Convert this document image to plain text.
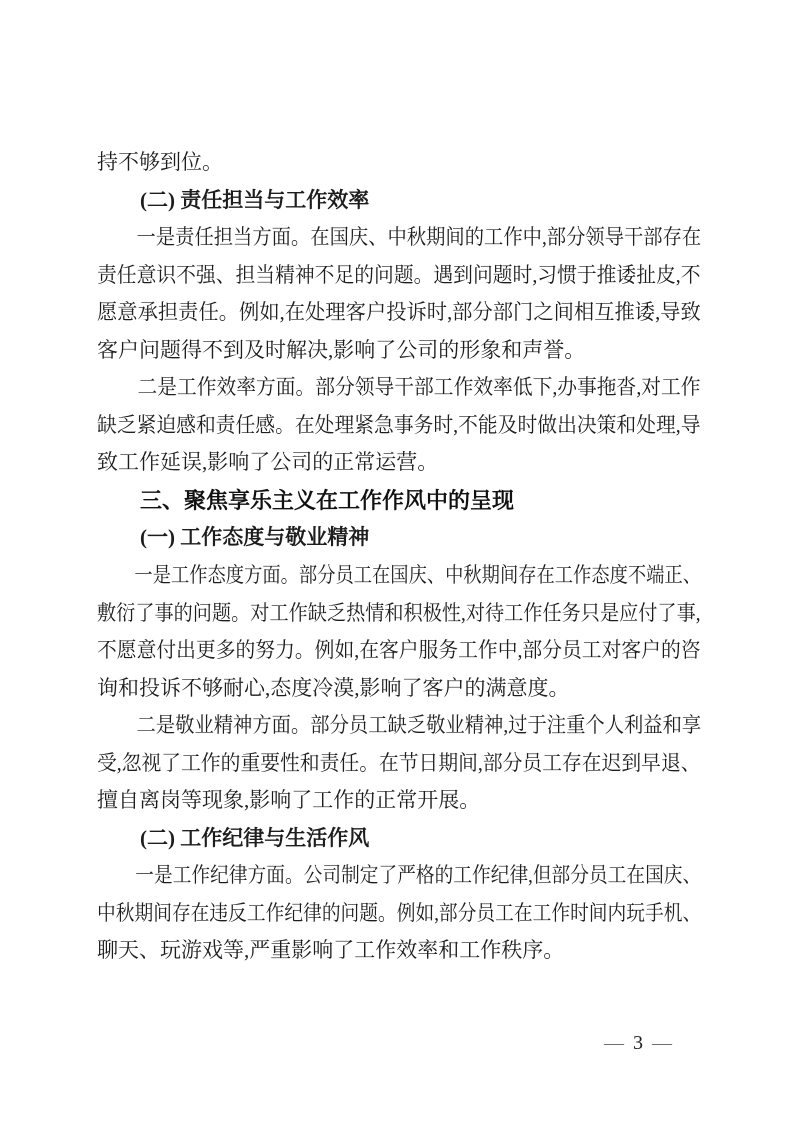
持不够到位。
(二) 责任担当与工作效率
一是责任担当方面。在国庆、中秋期间的工作中,部分领导干部存在
责任意识不强、担当精神不足的问题。遇到问题时,习惯于推诿扯皮,不
愿意承担责任。例如,在处理客户投诉时,部分部门之间相互推诿,导致
客户问题得不到及时解决,影响了公司的形象和声誉。
二是工作效率方面。部分领导干部工作效率低下,办事拖沓,对工作
缺乏紧迫感和责任感。在处理紧急事务时,不能及时做出决策和处理,导
致工作延误,影响了公司的正常运营。
三、聚焦享乐主义在工作作风中的呈现
(一) 工作态度与敬业精神
一是工作态度方面。部分员工在国庆、中秋期间存在工作态度不端正、
敷衍了事的问题。对工作缺乏热情和积极性,对待工作任务只是应付了事,
不愿意付出更多的努力。例如,在客户服务工作中,部分员工对客户的咨
询和投诉不够耐心,态度冷漠,影响了客户的满意度。
二是敬业精神方面。部分员工缺乏敬业精神,过于注重个人利益和享
受,忽视了工作的重要性和责任。在节日期间,部分员工存在迟到早退、
擅自离岗等现象,影响了工作的正常开展。
(二) 工作纪律与生活作风
一是工作纪律方面。公司制定了严格的工作纪律,但部分员工在国庆、
中秋期间存在违反工作纪律的问题。例如,部分员工在工作时间内玩手机、
聊天、玩游戏等,严重影响了工作效率和工作秩序。
— 3 —
